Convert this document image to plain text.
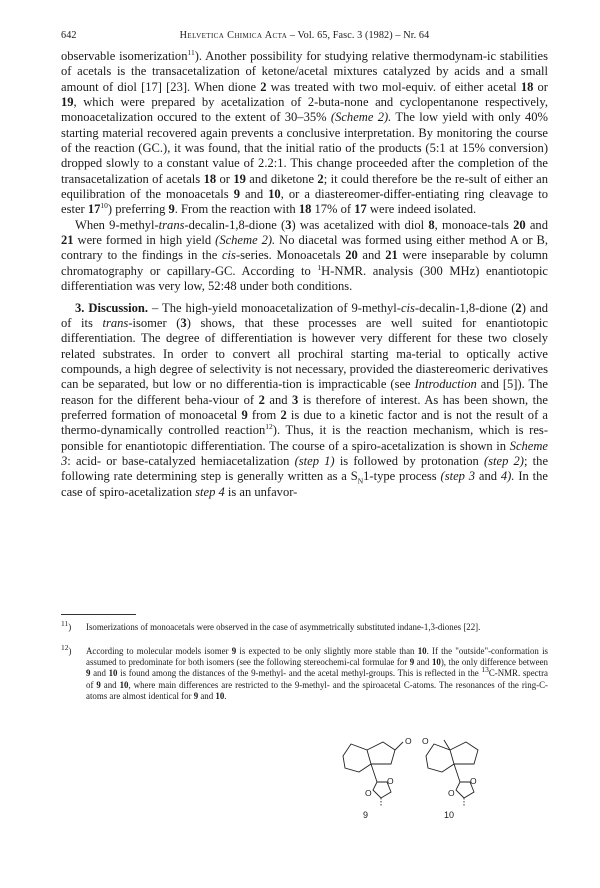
642	Helvetica Chimica Acta – Vol. 65, Fasc. 3 (1982) – Nr. 64

observable isomerization$^{11}$). Another possibility for studying relative thermodynam-ic stabilities of acetals is the transacetalization of ketone/acetal mixtures catalyzed by acids and a small amount of diol [17] [23]. When dione 2 was treated with two mol-equiv. of either acetal 18 or 19, which were prepared by acetalization of 2-buta-none and cyclopentanone respectively, monoacetalization occured to the extent of 30–35% (Scheme 2). The low yield with only 40% starting material recovered again prevents a conclusive interpretation. By monitoring the course of the reaction (GC.), it was found, that the initial ratio of the products (5:1 at 15% conversion) dropped slowly to a constant value of 2.2:1. This change proceeded after the completion of the transacetalization of acetals 18 or 19 and diketone 2; it could therefore be the re-sult of either an equilibration of the monoacetals 9 and 10, or a diastereomer-differ-entiating ring cleavage to ester $17^{10}$) preferring 9. From the reaction with 18 17% of 17 were indeed isolated.

When 9-methyl-trans-decalin-1,8-dione (3) was acetalized with diol 8, monoace-tals 20 and 21 were formed in high yield (Scheme 2). No diacetal was formed using either method A or B, contrary to the findings in the cis-series. Monoacetals 20 and 21 were inseparable by column chromatography or capillary-GC. According to $^1$H-NMR. analysis (300 MHz) enantiotopic differentiation was very low, 52:48 under both conditions.

3. Discussion. – The high-yield monoacetalization of 9-methyl-cis-decalin-1,8-dione (2) and of its trans-isomer (3) shows, that these processes are well suited for enantiotopic differentiation. The degree of differentiation is however very different for these two closely related substrates. In order to convert all prochiral starting ma-terial to optically active compounds, a high degree of selectivity is not necessary, provided the diastereomeric derivatives can be separated, but low or no differentia-tion is impracticable (see Introduction and [5]). The reason for the different beha-viour of 2 and 3 is therefore of interest. As has been shown, the preferred formation of monoacetal 9 from 2 is due to a kinetic factor and is not the result of a thermo-dynamically controlled reaction$^{12}$). Thus, it is the reaction mechanism, which is res-ponsible for enantiotopic differentiation. The course of a spiro-acetalization is shown in Scheme 3: acid- or base-catalyzed hemiacetalization (step 1) is followed by protonation (step 2); the following rate determining step is generally written as a $S_N1$-type process (step 3 and 4). In the case of spiro-acetalization step 4 is an unfavor-

$^{11}$)	Isomerizations of monoacetals were observed in the case of asymmetrically substituted indane-1,3-diones [22].
$^{12}$)	According to molecular models isomer 9 is expected to be only slightly more stable than 10. If the "outside"-conformation is assumed to predominate for both isomers (see the following stereochemi-cal formulae for 9 and 10), the only difference between 9 and 10 is found among the distances of the 9-methyl- and the acetal methyl-groups. This is reflected in the $^{13}$C-NMR. spectra of 9 and 10, where main differences are restricted to the 9-methyl- and the spiroacetal C-atoms. The resonances of the ring-C-atoms are almost identical for 9 and 10.
O
O
O
9
O
O
O
10
